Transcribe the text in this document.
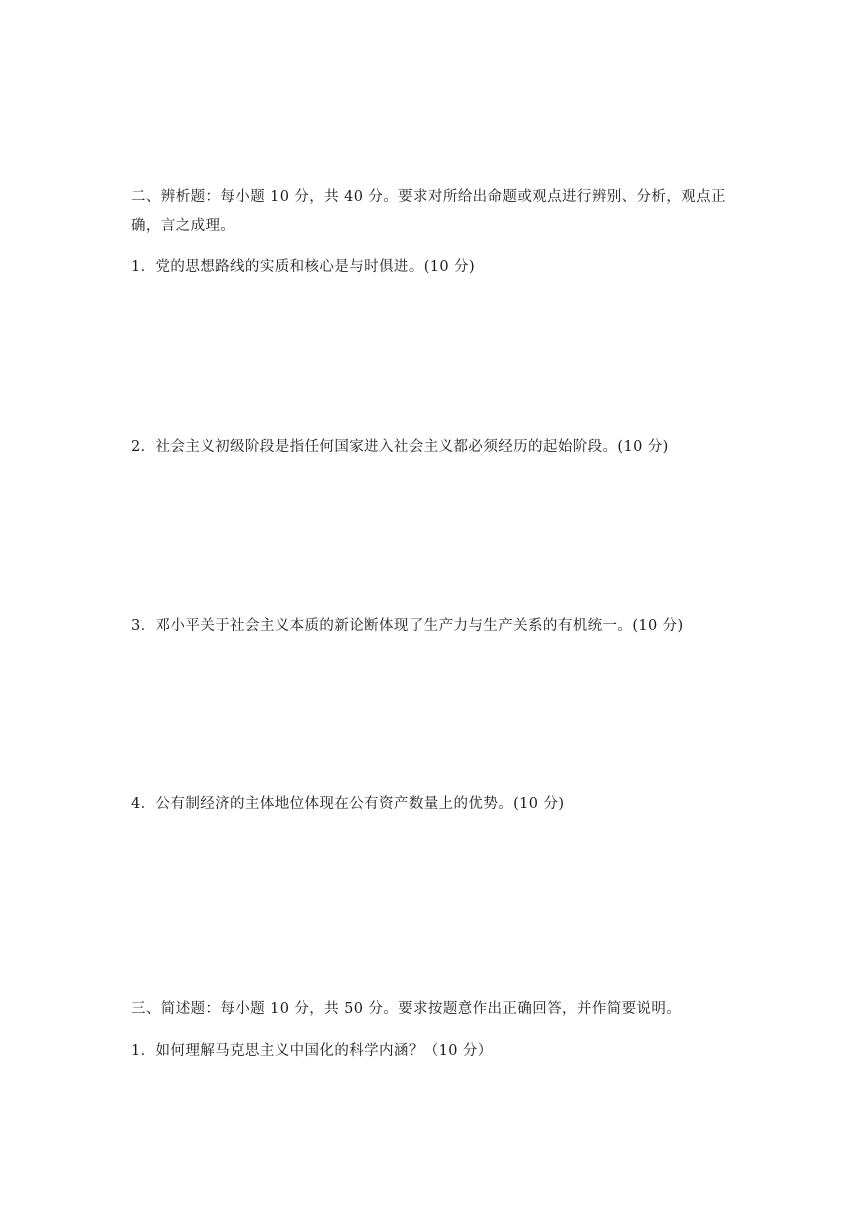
二、辨析题：每小题 10 分，共 40 分。要求对所给出命题或观点进行辨别、分析，观点正
确，言之成理。
1．党的思想路线的实质和核心是与时俱进。(10 分)
2．社会主义初级阶段是指任何国家进入社会主义都必须经历的起始阶段。(10 分)
3．邓小平关于社会主义本质的新论断体现了生产力与生产关系的有机统一。(10 分)
4．公有制经济的主体地位体现在公有资产数量上的优势。(10 分)
三、简述题：每小题 10 分，共 50 分。要求按题意作出正确回答，并作简要说明。
1．如何理解马克思主义中国化的科学内涵？（10 分）
